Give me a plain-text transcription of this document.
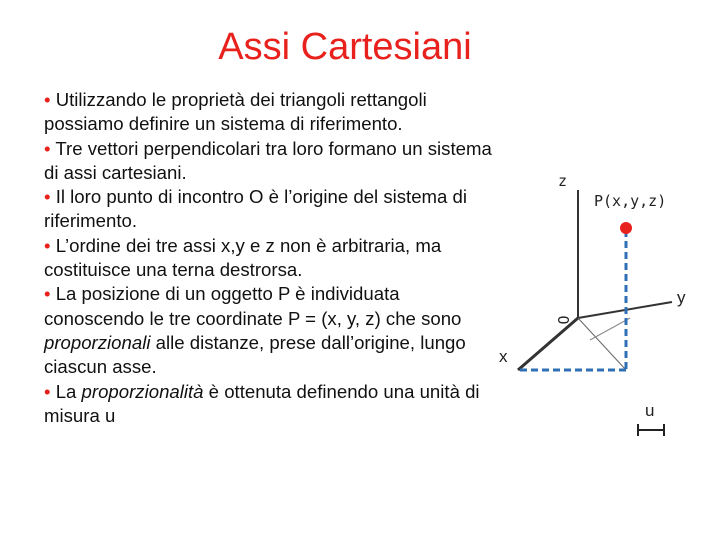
Assi Cartesiani

• Utilizzando le proprietà dei triangoli rettangoli possiamo definire un sistema di riferimento.

• Tre vettori perpendicolari tra loro formano un sistema di assi cartesiani.

• Il loro punto di incontro O è l’origine del sistema di riferimento.

• L’ordine dei tre assi x,y e z non è arbitraria, ma costituisce una terna destrorsa.

• La posizione di un oggetto P è individuata conoscendo le tre coordinate P = (x, y, z) che sono proporzionali alle distanze, prese dall’origine, lungo ciascun asse.

• La proporzionalità è ottenuta definendo una unità di misura u

z
P(x,y,z)
y
x
O
u
